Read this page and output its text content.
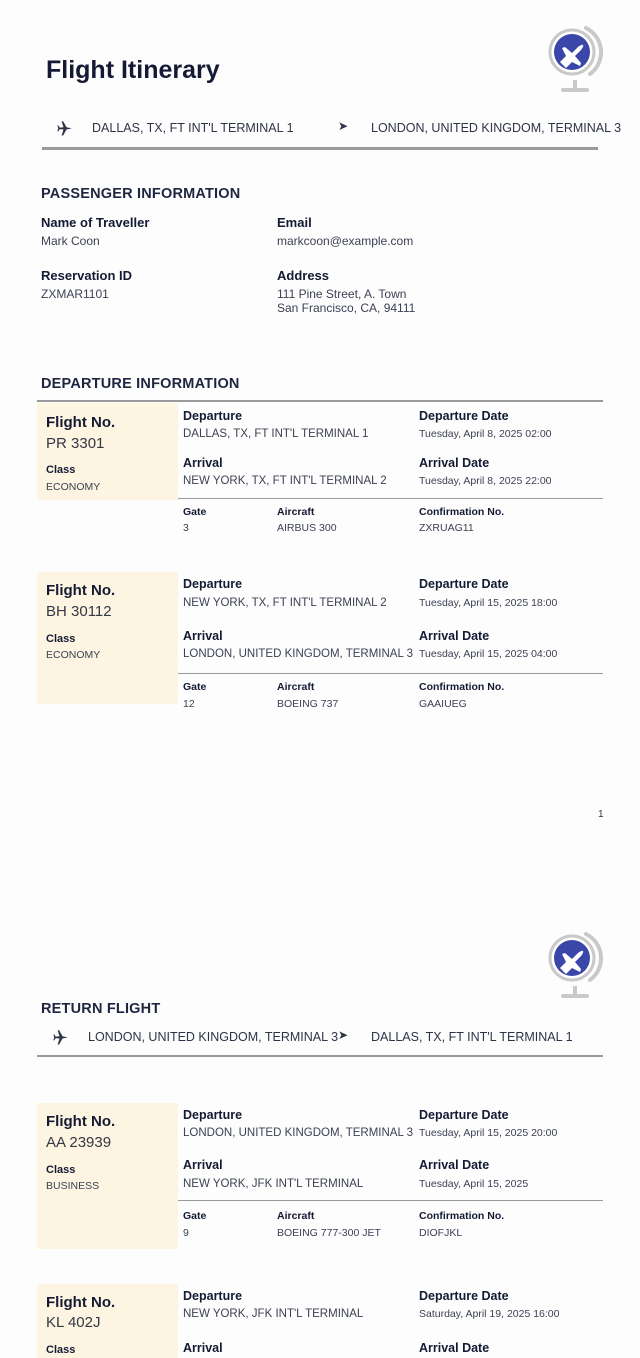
Flight Itinerary
DALLAS, TX, FT INT'L TERMINAL 1	➤ LONDON, UNITED KINGDOM, TERMINAL 3
PASSENGER INFORMATION
Name of Traveller
Mark Coon
Email
markcoon@example.com
Reservation ID
ZXMAR1101
Address
111 Pine Street, A. Town
San Francisco, CA, 94111
DEPARTURE INFORMATION
Flight No.
PR 3301
Class
ECONOMY
Departure
DALLAS, TX, FT INT'L TERMINAL 1
Departure Date
Tuesday, April 8, 2025 02:00
Arrival
NEW YORK, TX, FT INT'L TERMINAL 2
Arrival Date
Tuesday, April 8, 2025 22:00
Gate
3
Aircraft
AIRBUS 300
Confirmation No.
ZXRUAG11
Flight No.
BH 30112
Class
ECONOMY
Departure
NEW YORK, TX, FT INT'L TERMINAL 2
Departure Date
Tuesday, April 15, 2025 18:00
Arrival
LONDON, UNITED KINGDOM, TERMINAL 3
Arrival Date
Tuesday, April 15, 2025 04:00
Gate
12
Aircraft
BOEING 737
Confirmation No.
GAAIUEG
1
RETURN FLIGHT
LONDON, UNITED KINGDOM, TERMINAL 3 ➤ DALLAS, TX, FT INT'L TERMINAL 1
Flight No.
AA 23939
Class
BUSINESS
Departure
LONDON, UNITED KINGDOM, TERMINAL 3
Departure Date
Tuesday, April 15, 2025 20:00
Arrival
NEW YORK, JFK INT'L TERMINAL
Arrival Date
Tuesday, April 15, 2025
Gate
9
Aircraft
BOEING 777-300 JET
Confirmation No.
DIOFJKL
Flight No.
KL 402J
Class
Departure
NEW YORK, JFK INT'L TERMINAL
Departure Date
Saturday, April 19, 2025 16:00
Arrival	Arrival Date
